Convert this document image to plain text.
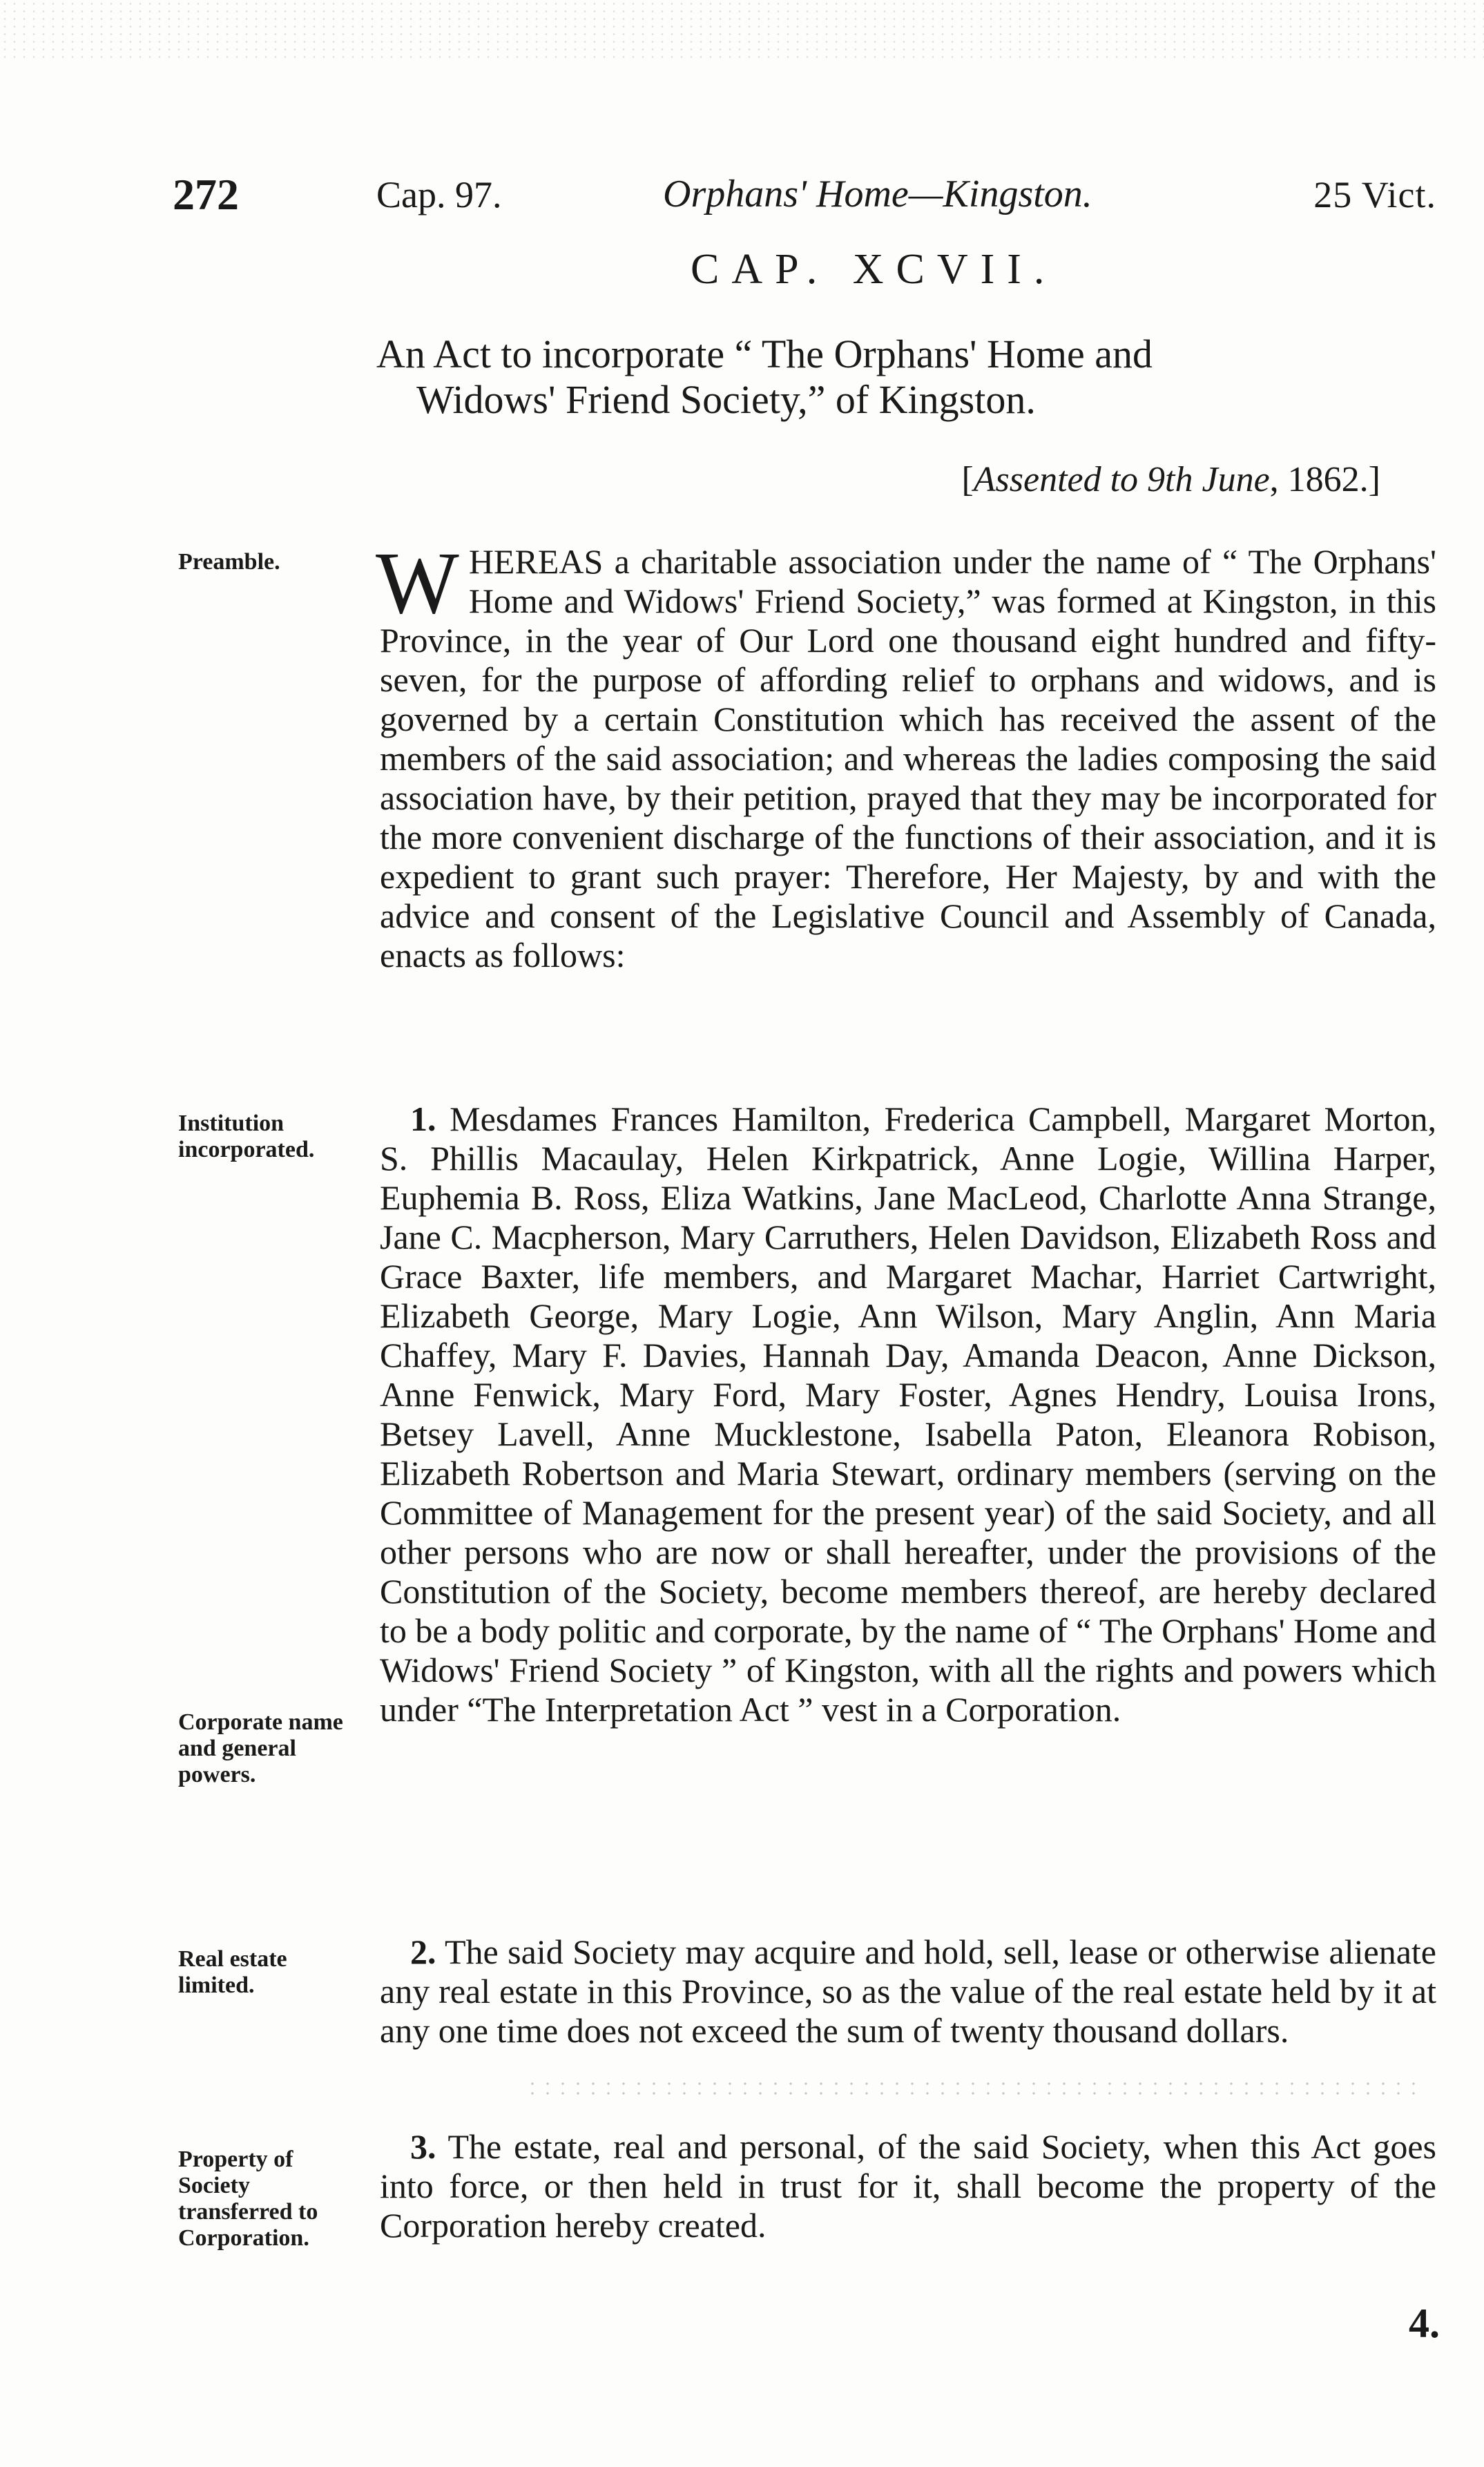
272	Cap. 97.	Orphans' Home—Kingston.	25 Vict.
CAP. XCVII.
An Act to incorporate “ The Orphans' Home and
Widows' Friend Society,” of Kingston.
[Assented to 9th June, 1862.]
Preamble.	WHEREAS a charitable association under the name of “ The Orphans' Home and Widows' Friend Society,” was formed at Kingston, in this Province, in the year of Our Lord one thousand eight hundred and fifty-seven, for the purpose of affording relief to orphans and widows, and is governed by a certain Constitution which has received the assent of the members of the said association; and whereas the ladies composing the said association have, by their petition, prayed that they may be incorporated for the more convenient discharge of the functions of their association, and it is expedient to grant such prayer: Therefore, Her Majesty, by and with the advice and consent of the Legislative Council and Assembly of Canada, enacts as follows:
Institution incorporated.
Corporate name and general powers.
1. Mesdames Frances Hamilton, Frederica Campbell, Margaret Morton, S. Phillis Macaulay, Helen Kirkpatrick, Anne Logie, Willina Harper, Euphemia B. Ross, Eliza Watkins, Jane MacLeod, Charlotte Anna Strange, Jane C. Macpherson, Mary Carruthers, Helen Davidson, Elizabeth Ross and Grace Baxter, life members, and Margaret Machar, Harriet Cartwright, Elizabeth George, Mary Logie, Ann Wilson, Mary Anglin, Ann Maria Chaffey, Mary F. Davies, Hannah Day, Amanda Deacon, Anne Dickson, Anne Fenwick, Mary Ford, Mary Foster, Agnes Hendry, Louisa Irons, Betsey Lavell, Anne Mucklestone, Isabella Paton, Eleanora Robison, Elizabeth Robertson and Maria Stewart, ordinary members (serving on the Committee of Management for the present year) of the said Society, and all other persons who are now or shall hereafter, under the provisions of the Constitution of the Society, become members thereof, are hereby declared to be a body politic and corporate, by the name of “ The Orphans' Home and Widows' Friend Society ” of Kingston, with all the rights and powers which under “The Interpretation Act ” vest in a Corporation.
Real estate limited.
2. The said Society may acquire and hold, sell, lease or otherwise alienate any real estate in this Province, so as the value of the real estate held by it at any one time does not exceed the sum of twenty thousand dollars.
Property of Society transferred to Corporation.
3. The estate, real and personal, of the said Society, when this Act goes into force, or then held in trust for it, shall become the property of the Corporation hereby created.
4.
